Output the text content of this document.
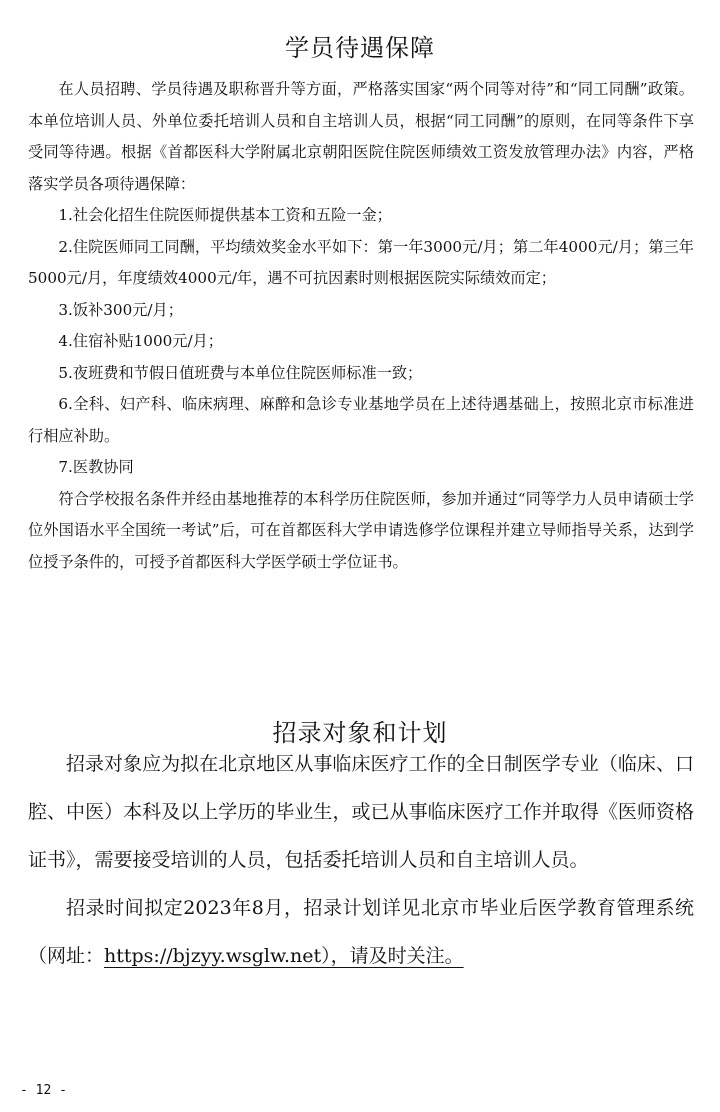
学员待遇保障

在人员招聘、学员待遇及职称晋升等方面，严格落实国家“两个同等对待”和“同工同酬”政策。本单位培训人员、外单位委托培训人员和自主培训人员，根据“同工同酬”的原则，在同等条件下享受同等待遇。根据《首都医科大学附属北京朝阳医院住院医师绩效工资发放管理办法》内容，严格落实学员各项待遇保障：

1.社会化招生住院医师提供基本工资和五险一金；

2.住院医师同工同酬，平均绩效奖金水平如下：第一年3000元/月；第二年4000元/月；第三年5000元/月，年度绩效4000元/年，遇不可抗因素时则根据医院实际绩效而定；

3.饭补300元/月；

4.住宿补贴1000元/月；

5.夜班费和节假日值班费与本单位住院医师标准一致；

6.全科、妇产科、临床病理、麻醉和急诊专业基地学员在上述待遇基础上，按照北京市标准进行相应补助。

7.医教协同

符合学校报名条件并经由基地推荐的本科学历住院医师，参加并通过“同等学力人员申请硕士学位外国语水平全国统一考试”后，可在首都医科大学申请选修学位课程并建立导师指导关系，达到学位授予条件的，可授予首都医科大学医学硕士学位证书。

招录对象和计划

招录对象应为拟在北京地区从事临床医疗工作的全日制医学专业（临床、口腔、中医）本科及以上学历的毕业生，或已从事临床医疗工作并取得《医师资格证书》，需要接受培训的人员，包括委托培训人员和自主培训人员。

招录时间拟定2023年8月，招录计划详见北京市毕业后医学教育管理系统（网址：https://bjzyy.wsglw.net），请及时关注。

- 12 -
